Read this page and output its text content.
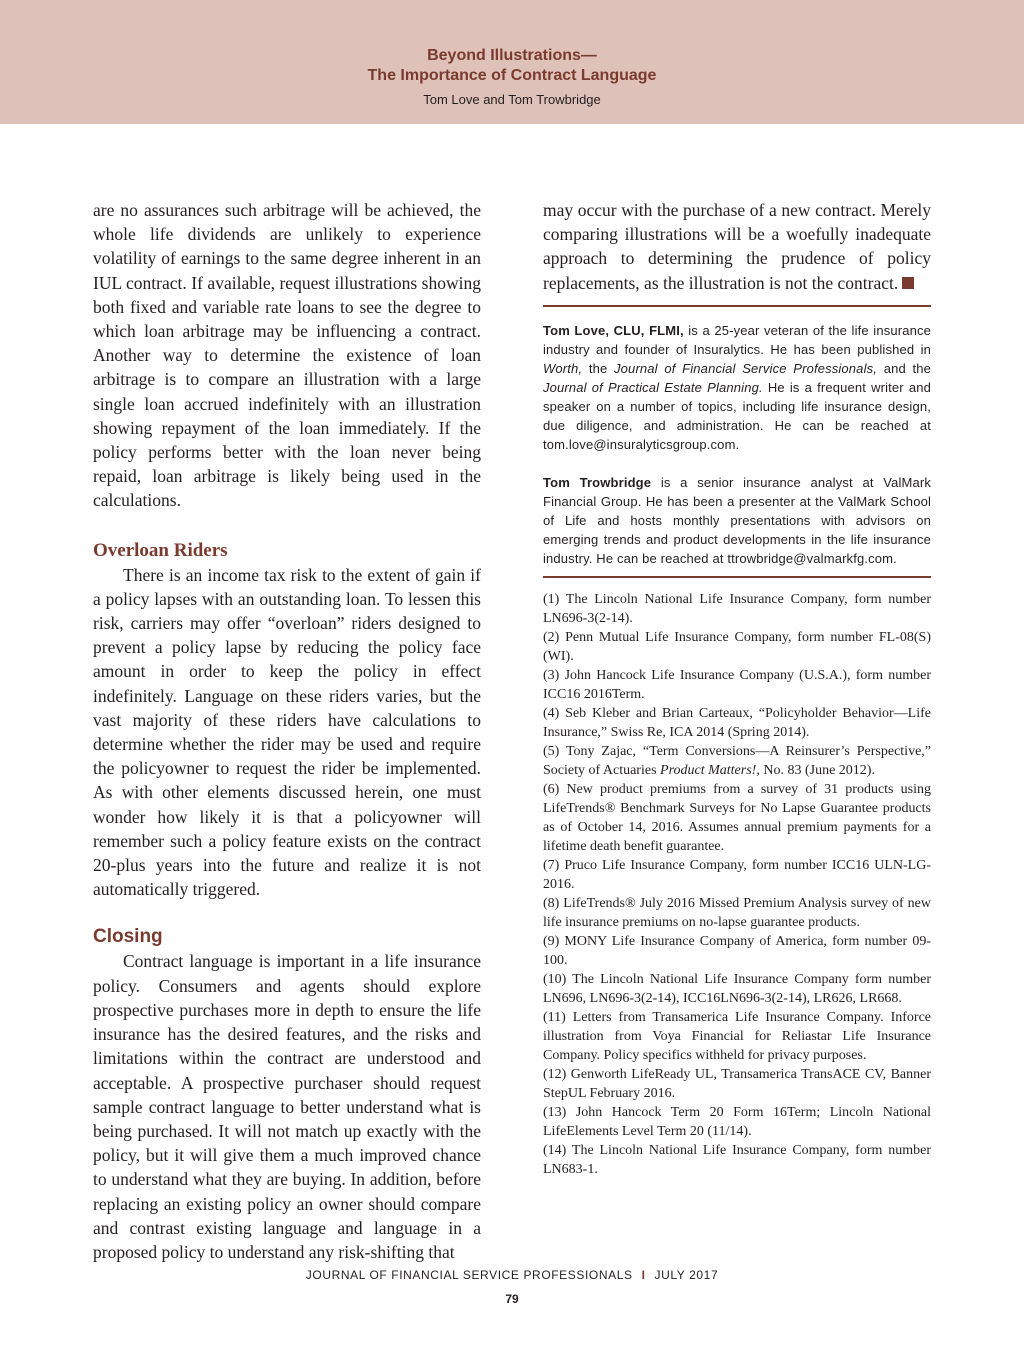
Beyond Illustrations—
The Importance of Contract Language
Tom Love and Tom Trowbridge

are no assurances such arbitrage will be achieved, the whole life dividends are unlikely to experience volatility of earnings to the same degree inherent in an IUL contract. If available, request illustrations showing both fixed and variable rate loans to see the degree to which loan arbitrage may be influencing a contract. Another way to determine the existence of loan arbitrage is to compare an illustration with a large single loan accrued indefinitely with an illustration showing repayment of the loan immediately. If the policy performs better with the loan never being repaid, loan arbitrage is likely being used in the calculations.

Overloan Riders

There is an income tax risk to the extent of gain if a policy lapses with an outstanding loan. To lessen this risk, carriers may offer “overloan” riders designed to prevent a policy lapse by reducing the policy face amount in order to keep the policy in effect indefinitely. Language on these riders varies, but the vast majority of these riders have calculations to determine whether the rider may be used and require the policyowner to request the rider be implemented. As with other elements discussed herein, one must wonder how likely it is that a policyowner will remember such a policy feature exists on the contract 20-plus years into the future and realize it is not automatically triggered.

Closing

Contract language is important in a life insurance policy. Consumers and agents should explore prospective purchases more in depth to ensure the life insurance has the desired features, and the risks and limitations within the contract are understood and acceptable. A prospective purchaser should request sample contract language to better understand what is being purchased. It will not match up exactly with the policy, but it will give them a much improved chance to understand what they are buying. In addition, before replacing an existing policy an owner should compare and contrast existing language and language in a proposed policy to understand any risk-shifting that

may occur with the purchase of a new contract. Merely comparing illustrations will be a woefully inadequate approach to determining the prudence of policy replacements, as the illustration is not the contract.

Tom Love, CLU, FLMI, is a 25-year veteran of the life insurance industry and founder of Insuralytics. He has been published in Worth, the Journal of Financial Service Professionals, and the Journal of Practical Estate Planning. He is a frequent writer and speaker on a number of topics, including life insurance design, due diligence, and administration. He can be reached at tom.love@insuralyticsgroup.com.

Tom Trowbridge is a senior insurance analyst at ValMark Financial Group. He has been a presenter at the ValMark School of Life and hosts monthly presentations with advisors on emerging trends and product developments in the life insurance industry. He can be reached at ttrowbridge@valmarkfg.com.

(1) The Lincoln National Life Insurance Company, form number LN696-3(2-14).

(2) Penn Mutual Life Insurance Company, form number FL-08(S) (WI).

(3) John Hancock Life Insurance Company (U.S.A.), form number ICC16 2016Term.

(4) Seb Kleber and Brian Carteaux, “Policyholder Behavior—Life Insurance,” Swiss Re, ICA 2014 (Spring 2014).

(5) Tony Zajac, “Term Conversions—A Reinsurer’s Perspective,” Society of Actuaries Product Matters!, No. 83 (June 2012).

(6) New product premiums from a survey of 31 products using LifeTrends® Benchmark Surveys for No Lapse Guarantee products as of October 14, 2016. Assumes annual premium payments for a lifetime death benefit guarantee.

(7) Pruco Life Insurance Company, form number ICC16 ULN-LG-2016.

(8) LifeTrends® July 2016 Missed Premium Analysis survey of new life insurance premiums on no-lapse guarantee products.

(9) MONY Life Insurance Company of America, form number 09-100.

(10) The Lincoln National Life Insurance Company form number LN696, LN696-3(2-14), ICC16LN696-3(2-14), LR626, LR668.

(11) Letters from Transamerica Life Insurance Company. Inforce illustration from Voya Financial for Reliastar Life Insurance Company. Policy specifics withheld for privacy purposes.

(12) Genworth LifeReady UL, Transamerica TransACE CV, Banner StepUL February 2016.

(13) John Hancock Term 20 Form 16Term; Lincoln National LifeElements Level Term 20 (11/14).

(14) The Lincoln National Life Insurance Company, form number LN683-1.

JOURNAL OF FINANCIAL SERVICE PROFESSIONALS I JULY 2017
79
